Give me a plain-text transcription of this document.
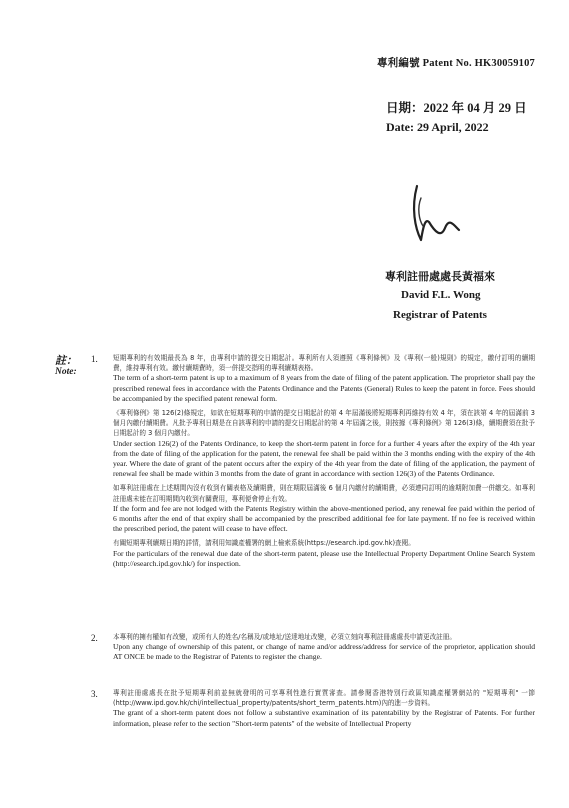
專利編號 Patent No. HK30059107
日期：2022 年 04 月 29 日
Date: 29 April, 2022
專利註冊處處長黃福來
David F.L. Wong
Registrar of Patents
註：
Note:
1. 短期專利的有效期最長為 8 年，由專利申請的提交日期起計。專利所有人須遵照《專利條例》及《專利(一般)規則》的規定，繳付訂明的續期費，維持專利有效。繳付續期費時，須一併提交指明的專利續期表格。

The term of a short-term patent is up to a maximum of 8 years from the date of filing of the patent application. The proprietor shall pay the prescribed renewal fees in accordance with the Patents Ordinance and the Patents (General) Rules to keep the patent in force. Fees should be accompanied by the specified patent renewal form.

《專利條例》第 126(2)條規定，如欲在短期專利的申請的提交日期起計的第 4 年屆滿後將短期專利再維持有效 4 年，須在該第 4 年的屆滿前 3 個月內繳付續期費。凡批予專利日期是在自該專利的申請的提交日期起計的第 4 年屆滿之後，則按據《專利條例》第 126(3)條，續期費須在批予日期起計的 3 個月內繳付。

Under section 126(2) of the Patents Ordinance, to keep the short-term patent in force for a further 4 years after the expiry of the 4th year from the date of filing of the application for the patent, the renewal fee shall be paid within the 3 months ending with the expiry of the 4th year. Where the date of grant of the patent occurs after the expiry of the 4th year from the date of filing of the application, the payment of renewal fee shall be made within 3 months from the date of grant in accordance with section 126(3) of the Patents Ordinance.

如專利註冊處在上述期間內沒有收到有關表格及續期費，則在期限屆滿後 6 個月內繳付的續期費，必須連同訂明的逾期附加費一併繳交。如專利註冊處未能在訂明期間內收到有關費用，專利便會停止有效。

If the form and fee are not lodged with the Patents Registry within the above-mentioned period, any renewal fee paid within the period of 6 months after the end of that expiry shall be accompanied by the prescribed additional fee for late payment. If no fee is received within the prescribed period, the patent will cease to have effect.

有關短期專利續期日期的詳情，請利用知識產權署的網上檢索系統(https://esearch.ipd.gov.hk)查閱。

For the particulars of the renewal due date of the short-term patent, please use the Intellectual Property Department Online Search System (http://esearch.ipd.gov.hk/) for inspection.

2. 本專利的擁有權如有改變，或所有人的姓名/名稱及/或地址/送達地址改變，必須立刻向專利註冊處處長申請更改註冊。

Upon any change of ownership of this patent, or change of name and/or address/address for service of the proprietor, application should AT ONCE be made to the Registrar of Patents to register the change.

3. 專利註冊處處長在批予短期專利前並無就發明的可享專利性進行實質審查。請參閱香港特別行政區知識產權署網站的 "短期專利" 一節(http://www.ipd.gov.hk/chi/intellectual_property/patents/short_term_patents.htm)內的進一步資料。

The grant of a short-term patent does not follow a substantive examination of its patentability by the Registrar of Patents. For further information, please refer to the section "Short-term patents" of the website of Intellectual Property
